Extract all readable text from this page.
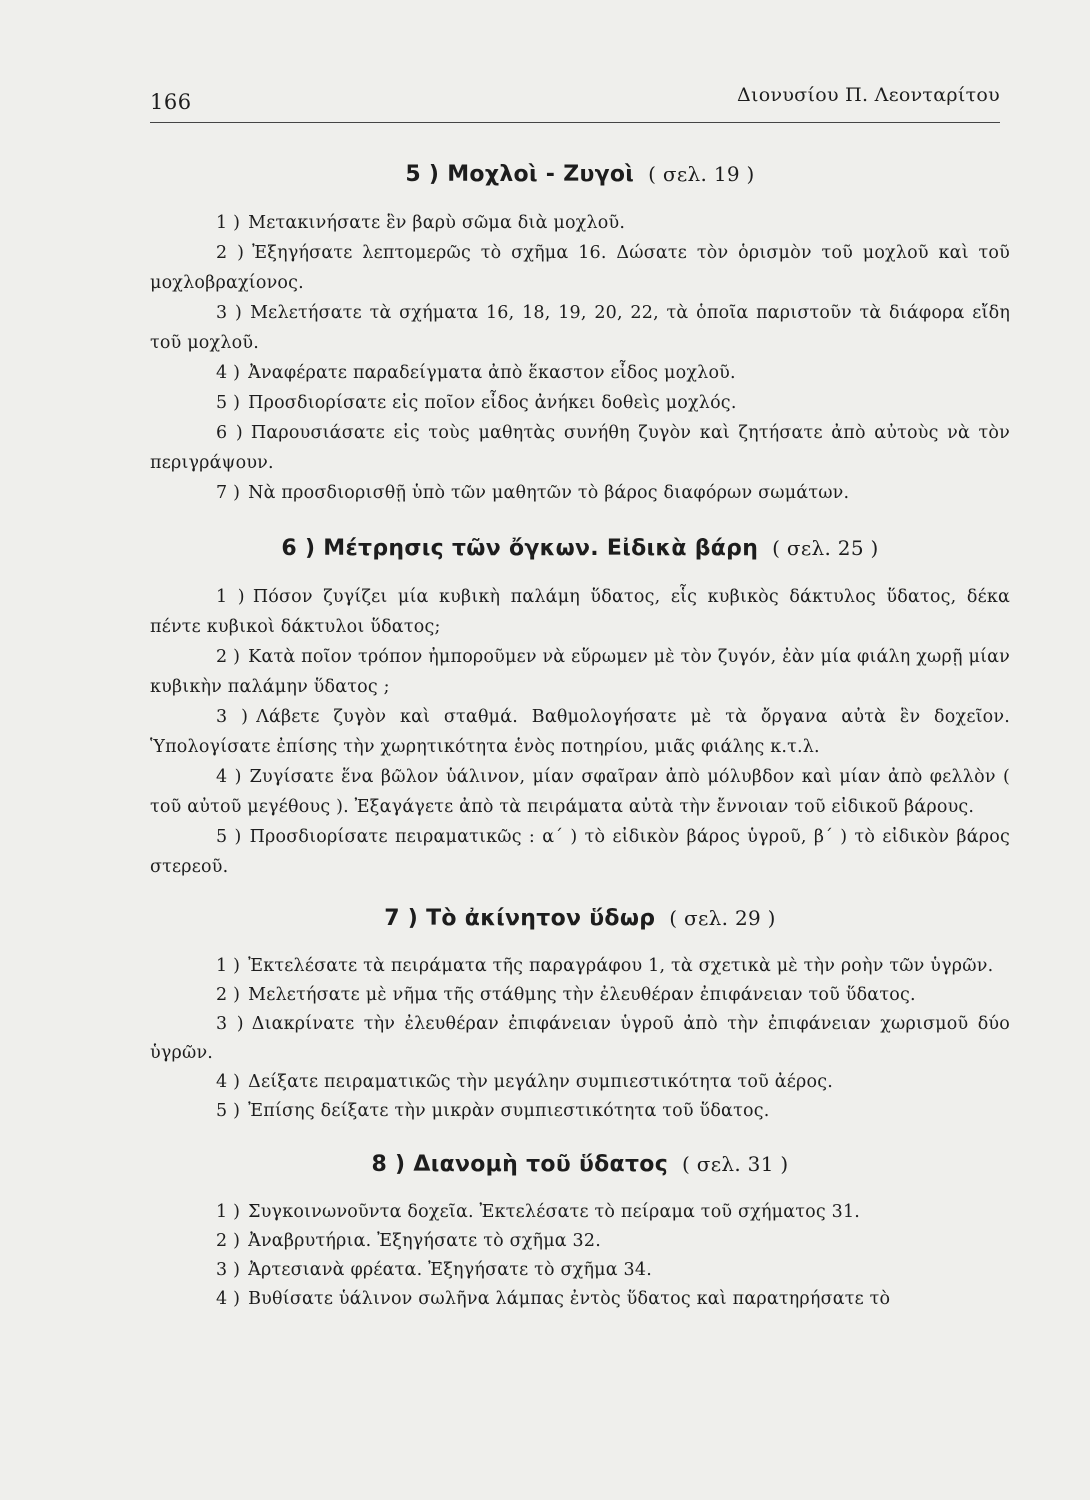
166	Διονυσίου Π. Λεονταρίτου
5 ) Μοχλοὶ - Ζυγοὶ ( σελ. 19 )
1 ) Μετακινήσατε ἓν βαρὺ σῶμα διὰ μοχλοῦ.
2 ) Ἐξηγήσατε λεπτομερῶς τὸ σχῆμα 16. Δώσατε τὸν ὁρισμὸν τοῦ μοχλοῦ καὶ τοῦ μοχλοβραχίονος.
3 ) Μελετήσατε τὰ σχήματα 16, 18, 19, 20, 22, τὰ ὁποῖα παριστοῦν τὰ διάφορα εἴδη τοῦ μοχλοῦ.
4 ) Ἀναφέρατε παραδείγματα ἀπὸ ἕκαστον εἶδος μοχλοῦ.
5 ) Προσδιορίσατε εἰς ποῖον εἶδος ἀνήκει δοθεὶς μοχλός.
6 ) Παρουσιάσατε εἰς τοὺς μαθητὰς συνήθη ζυγὸν καὶ ζητήσατε ἀπὸ αὐτοὺς νὰ τὸν περιγράψουν.
7 ) Νὰ προσδιορισθῇ ὑπὸ τῶν μαθητῶν τὸ βάρος διαφόρων σωμάτων.
6 ) Μέτρησις τῶν ὄγκων. Εἰδικὰ βάρη ( σελ. 25 )
1 ) Πόσον ζυγίζει μία κυβικὴ παλάμη ὕδατος, εἷς κυβικὸς δάκτυλος ὕδατος, δέκα πέντε κυβικοὶ δάκτυλοι ὕδατος;
2 ) Κατὰ ποῖον τρόπον ἠμποροῦμεν νὰ εὕρωμεν μὲ τὸν ζυγόν, ἐὰν μία φιάλη χωρῇ μίαν κυβικὴν παλάμην ὕδατος ;
3 ) Λάβετε ζυγὸν καὶ σταθμά. Βαθμολογήσατε μὲ τὰ ὄργανα αὐτὰ ἓν δοχεῖον. Ὑπολογίσατε ἐπίσης τὴν χωρητικότητα ἑνὸς ποτηρίου, μιᾶς φιάλης κ.τ.λ.
4 ) Ζυγίσατε ἕνα βῶλον ὑάλινον, μίαν σφαῖραν ἀπὸ μόλυβδον καὶ μίαν ἀπὸ φελλὸν ( τοῦ αὐτοῦ μεγέθους ). Ἐξαγάγετε ἀπὸ τὰ πειράματα αὐτὰ τὴν ἔννοιαν τοῦ εἰδικοῦ βάρους.
5 ) Προσδιορίσατε πειραματικῶς : α΄ ) τὸ εἰδικὸν βάρος ὑγροῦ, β΄ ) τὸ εἰδικὸν βάρος στερεοῦ.
7 ) Τὸ ἀκίνητον ὕδωρ ( σελ. 29 )
1 ) Ἐκτελέσατε τὰ πειράματα τῆς παραγράφου 1, τὰ σχετικὰ μὲ τὴν ροὴν τῶν ὑγρῶν.
2 ) Μελετήσατε μὲ νῆμα τῆς στάθμης τὴν ἐλευθέραν ἐπιφάνειαν τοῦ ὕδατος.
3 ) Διακρίνατε τὴν ἐλευθέραν ἐπιφάνειαν ὑγροῦ ἀπὸ τὴν ἐπιφάνειαν χωρισμοῦ δύο ὑγρῶν.
4 ) Δείξατε πειραματικῶς τὴν μεγάλην συμπιεστικότητα τοῦ ἀέρος.
5 ) Ἐπίσης δείξατε τὴν μικρὰν συμπιεστικότητα τοῦ ὕδατος.
8 ) Διανομὴ τοῦ ὕδατος ( σελ. 31 )
1 ) Συγκοινωνοῦντα δοχεῖα. Ἐκτελέσατε τὸ πείραμα τοῦ σχήματος 31.
2 ) Ἀναβρυτήρια. Ἐξηγήσατε τὸ σχῆμα 32.
3 ) Ἀρτεσιανὰ φρέατα. Ἐξηγήσατε τὸ σχῆμα 34.
4 ) Βυθίσατε ὑάλινον σωλῆνα λάμπας ἐντὸς ὕδατος καὶ παρατηρήσατε τὸ
